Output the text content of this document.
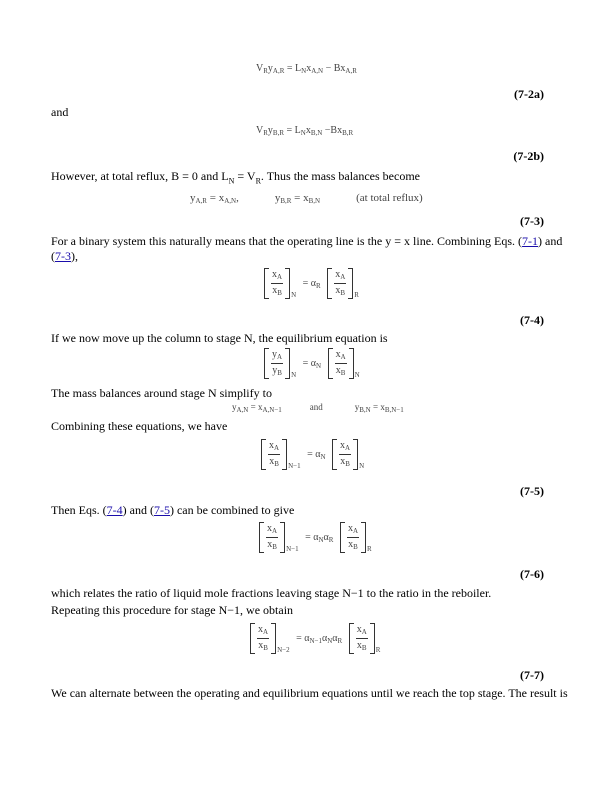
$V_Ry_{A,R} = L_Nx_{A,N} - Bx_{A,R}$
(7-2a)
and
$V_Ry_{B,R} = L_Nx_{B,N} -Bx_{B,R}$
(7-2b)
However, at total reflux, B = 0 and $L_N = V_R$. Thus the mass balances become
$y_{A,R} = x_{A,N}$,	$y_{B,R} = x_{B,N}$	(at total reflux)
(7-3)
For a binary system this naturally means that the operating line is the y = x line. Combining Eqs. (7-1) and (7-3),
$x_A$
$x_B$ N
= $\alpha_R$
$x_A$
$x_B$ R
(7-4)
If we now move up the column to stage N, the equilibrium equation is
$y_A$
$y_B$ N
= $\alpha_N$
$x_A$
$x_B$ N
The mass balances around stage N simplify to
$y_{A,N} = x_{A,N-1}$	and	$y_{B,N} = x_{B,N-1}$
Combining these equations, we have
$x_A$
$x_B$ N−1
= $\alpha_N$
$x_A$
$x_B$ N
(7-5)
Then Eqs. (7-4) and (7-5) can be combined to give
$x_A$
$x_B$ N−1
= $\alpha_N\alpha_R$
$x_A$
$x_B$ R
(7-6)
which relates the ratio of liquid mole fractions leaving stage N−1 to the ratio in the reboiler.
Repeating this procedure for stage N−1, we obtain
$x_A$
$x_B$ N−2
= $\alpha_{N-1}\alpha_N\alpha_R$
$x_A$
$x_B$ R
(7-7)
We can alternate between the operating and equilibrium equations until we reach the top stage. The result is
